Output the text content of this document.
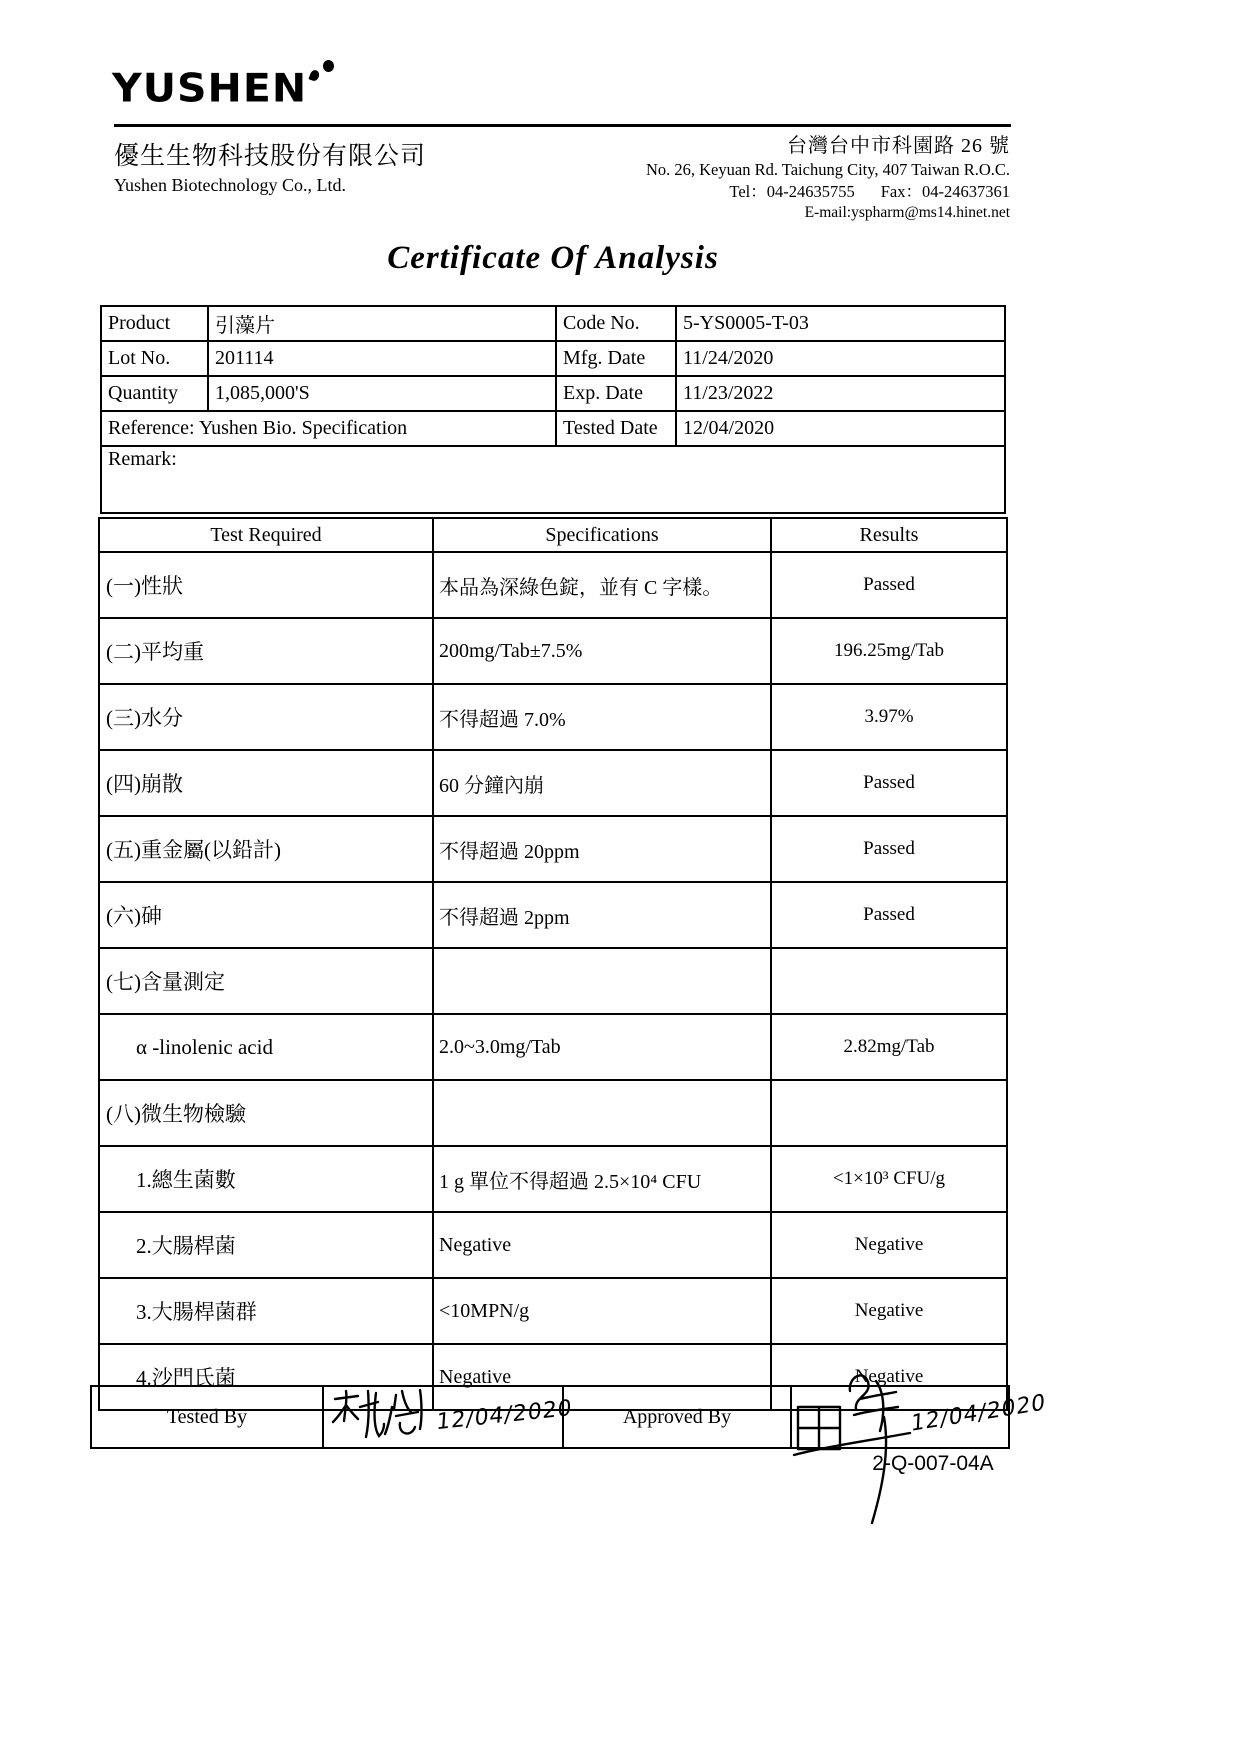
YUSHEN
優生生物科技股份有限公司
Yushen Biotechnology Co., Ltd.
台灣台中市科園路 26 號
No. 26, Keyuan Rd. Taichung City, 407 Taiwan R.O.C.
Tel：04-24635755 Fax：04-24637361
E-mail:yspharm@ms14.hinet.net
Certificate Of Analysis
Product	引藻片	Code No.	5-YS0005-T-03
Lot No.	201114	Mfg. Date	11/24/2020
Quantity	1,085,000'S	Exp. Date	11/23/2022
Reference: Yushen Bio. Specification		Tested Date	12/04/2020
Remark:			
Test Required	Specifications	Results
(一)性狀	本品為深綠色錠，並有 C 字樣。	Passed
(二)平均重	200mg/Tab±7.5%	196.25mg/Tab
(三)水分	不得超過 7.0%	3.97%
(四)崩散	60 分鐘內崩	Passed
(五)重金屬(以鉛計)	不得超過 20ppm	Passed
(六)砷	不得超過 2ppm	Passed
(七)含量測定		
α -linolenic acid	2.0~3.0mg/Tab	2.82mg/Tab
(八)微生物檢驗		
1.總生菌數	1 g 單位不得超過 2.5×10⁴ CFU	<1×10³ CFU/g
2.大腸桿菌	Negative	Negative
3.大腸桿菌群	<10MPN/g	Negative
4.沙門氏菌	Negative	Negative
Tested By	12/04/2020	Approved By	12/04/2020
2-Q-007-04A
